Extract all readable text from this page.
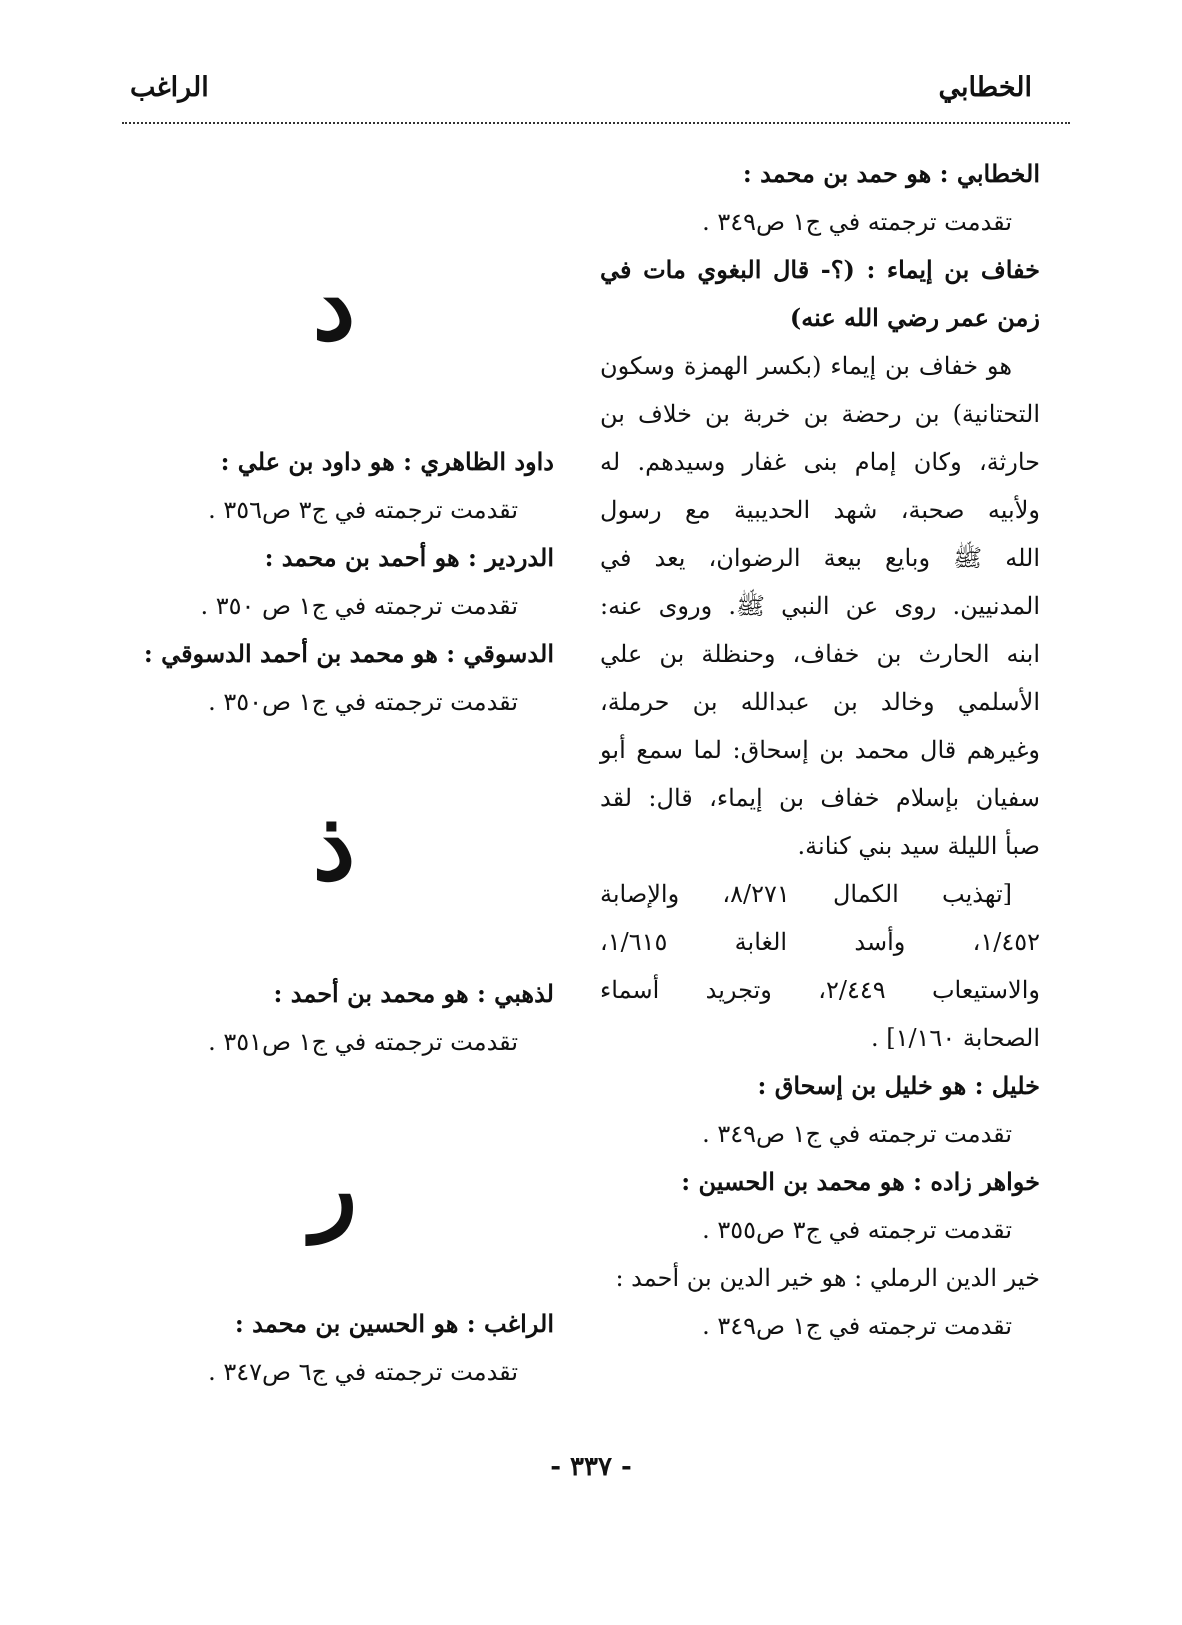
الخطابي
الراغب
الخطابي : هو حمد بن محمد :
تقدمت ترجمته في ج١ ص٣٤٩ .
خفاف بن إيماء : (؟- قال البغوي مات في
زمن عمر رضي الله عنه)
هو خفاف بن إيماء (بكسر الهمزة وسكون
التحتانية) بن رحضة بن خربة بن خلاف بن
حارثة، وكان إمام بنى غفار وسيدهم. له
ولأبيه صحبة، شهد الحديبية مع رسول
الله ﷺ وبايع بيعة الرضوان، يعد في
المدنيين. روى عن النبي ﷺ. وروى عنه:
ابنه الحارث بن خفاف، وحنظلة بن علي
الأسلمي وخالد بن عبدالله بن حرملة،
وغيرهم قال محمد بن إسحاق: لما سمع أبو
سفيان بإسلام خفاف بن إيماء، قال: لقد
صبأ الليلة سيد بني كنانة.
[تهذيب الكمال ٨/٢٧١، والإصابة
١/٤٥٢، وأسد الغابة ١/٦١٥،
والاستيعاب ٢/٤٤٩، وتجريد أسماء
الصحابة ١/١٦٠] .
خليل : هو خليل بن إسحاق :
تقدمت ترجمته في ج١ ص٣٤٩ .
خواهر زاده : هو محمد بن الحسين :
تقدمت ترجمته في ج٣ ص٣٥٥ .
خير الدين الرملي : هو خير الدين بن أحمد :
تقدمت ترجمته في ج١ ص٣٤٩ .
د
داود الظاهري : هو داود بن علي :
تقدمت ترجمته في ج٣ ص٣٥٦ .
الدردير : هو أحمد بن محمد :
تقدمت ترجمته في ج١ ص ٣٥٠ .
الدسوقي : هو محمد بن أحمد الدسوقي :
تقدمت ترجمته في ج١ ص٣٥٠ .
ذ
لذهبي : هو محمد بن أحمد :
تقدمت ترجمته في ج١ ص٣٥١ .
ر
الراغب : هو الحسين بن محمد :
تقدمت ترجمته في ج٦ ص٣٤٧ .
- ٣٣٧ -
